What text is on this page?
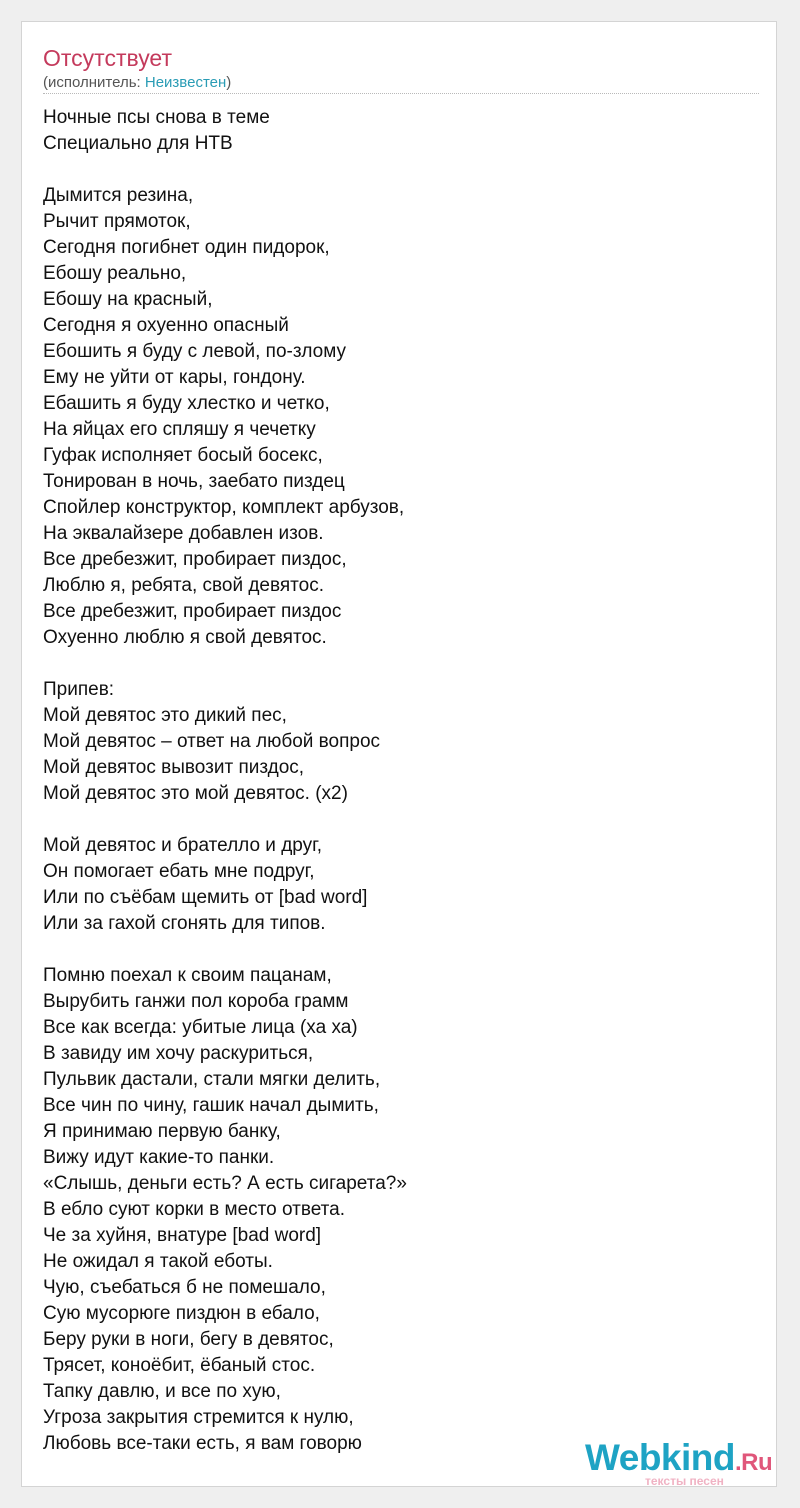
Отсутствует
(исполнитель: Неизвестен)
Ночные псы снова в теме
Специально для НТВ
Дымится резина,
Рычит прямоток,
Сегодня погибнет один пидорок,
Ебошу реально,
Ебошу на красный,
Сегодня я охуенно опасный
Ебошить я буду с левой, по-злому
Ему не уйти от кары, гондону.
Ебашить я буду хлестко и четко,
На яйцах его спляшу я чечетку
Гуфак исполняет босый босекс,
Тонирован в ночь, заебато пиздец
Спойлер конструктор, комплект арбузов,
На эквалайзере добавлен изов.
Все дребезжит, пробирает пиздос,
Люблю я, ребята, свой девятос.
Все дребезжит, пробирает пиздос
Охуенно люблю я свой девятос.
Припев:
Мой девятос это дикий пес,
Мой девятос – ответ на любой вопрос
Мой девятос вывозит пиздос,
Мой девятос это мой девятос. (x2)
Мой девятос и брателло и друг,
Он помогает ебать мне подруг,
Или по съёбам щемить от [bad word]
Или за гахой сгонять для типов.
Помню поехал к своим пацанам,
Вырубить ганжи пол короба грамм
Все как всегда: убитые лица (ха ха)
В завиду им хочу раскуриться,
Пульвик дастали, стали мягки делить,
Все чин по чину, гашик начал дымить,
Я принимаю первую банку,
Вижу идут какие-то панки.
«Слышь, деньги есть? А есть сигарета?»
В ебло суют корки в место ответа.
Че за хуйня, внатуре [bad word]
Не ожидал я такой еботы.
Чую, съебаться б не помешало,
Сую мусорюге пиздюн в ебало,
Беру руки в ноги, бегу в девятос,
Трясет, коноёбит, ёбаный стос.
Тапку давлю, и все по хую,
Угроза закрытия стремится к нулю,
Любовь все-таки есть, я вам говорю	Webkind.Ru
тексты песен
